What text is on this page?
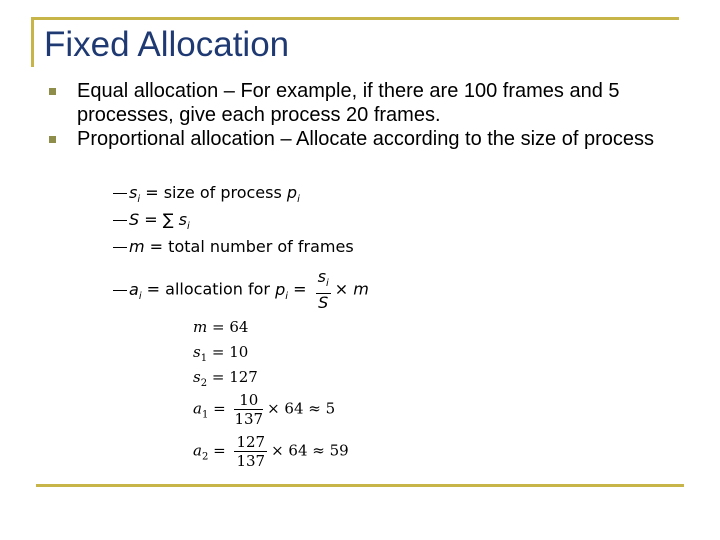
Fixed Allocation
Equal allocation – For example, if there are 100 frames and 5 processes, give each process 20 frames.
Proportional allocation – Allocate according to the size of process
$s_i$ = size of process $p_i$
S = ∑ $s_i$
m = total number of frames
$a_i$ = allocation for $p_i = \frac{s_i}{S} \times m$
m = 64
$s_1 = 10$
$s_2 = 127$
$a_1 = \frac{10}{137} \times 64 \approx 5$
$a_2 = \frac{127}{137} \times 64 \approx 59$
